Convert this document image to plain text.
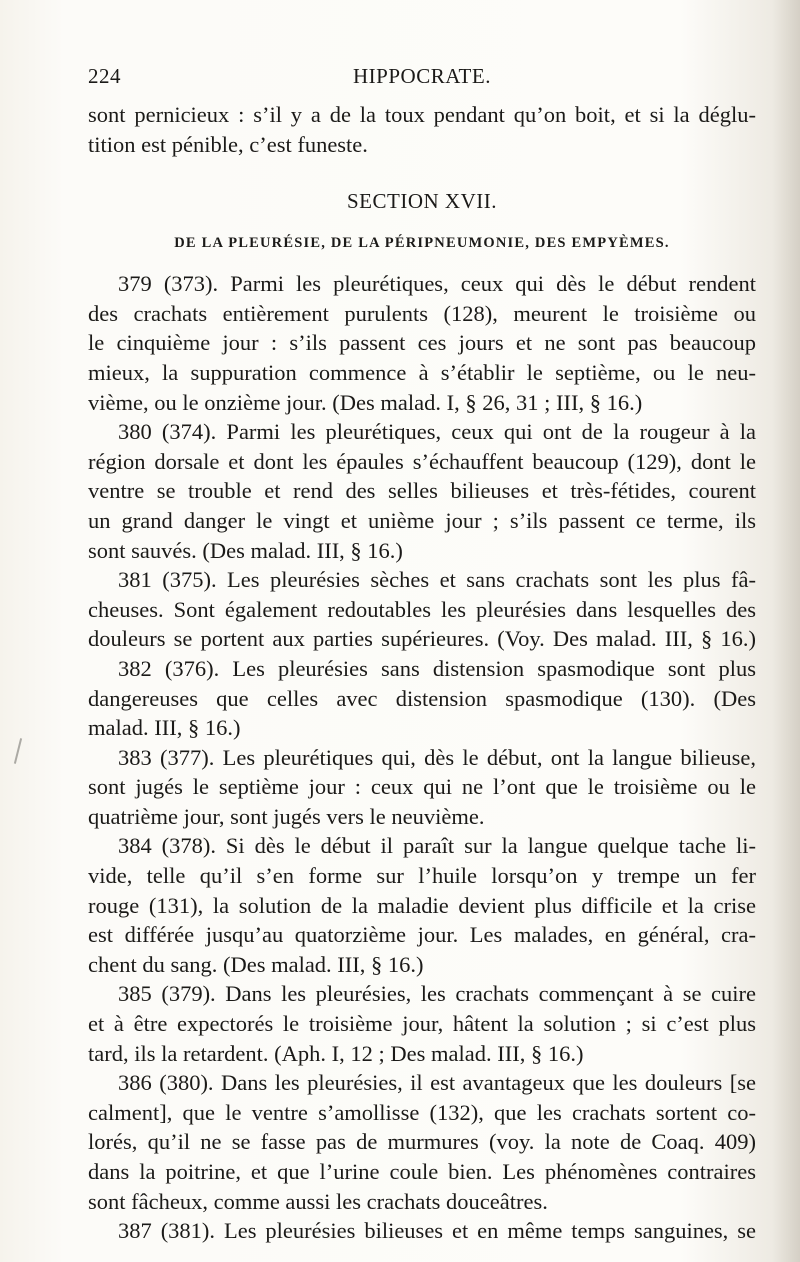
224	HIPPOCRATE.
sont pernicieux : s’il y a de la toux pendant qu’on boit, et si la déglu-
tition est pénible, c’est funeste.
SECTION XVII.
DE LA PLEURÉSIE, DE LA PÉRIPNEUMONIE, DES EMPYÈMES.
379 (373). Parmi les pleurétiques, ceux qui dès le début rendent
des crachats entièrement purulents (128), meurent le troisième ou
le cinquième jour : s’ils passent ces jours et ne sont pas beaucoup
mieux, la suppuration commence à s’établir le septième, ou le neu-
vième, ou le onzième jour. (Des malad. I, § 26, 31 ; III, § 16.)
380 (374). Parmi les pleurétiques, ceux qui ont de la rougeur à la
région dorsale et dont les épaules s’échauffent beaucoup (129), dont le
ventre se trouble et rend des selles bilieuses et très-fétides, courent
un grand danger le vingt et unième jour ; s’ils passent ce terme, ils
sont sauvés. (Des malad. III, § 16.)
381 (375). Les pleurésies sèches et sans crachats sont les plus fâ-
cheuses. Sont également redoutables les pleurésies dans lesquelles des
douleurs se portent aux parties supérieures. (Voy. Des malad. III, § 16.)
382 (376). Les pleurésies sans distension spasmodique sont plus
dangereuses que celles avec distension spasmodique (130). (Des
malad. III, § 16.)
383 (377). Les pleurétiques qui, dès le début, ont la langue bilieuse,
sont jugés le septième jour : ceux qui ne l’ont que le troisième ou le
quatrième jour, sont jugés vers le neuvième.
384 (378). Si dès le début il paraît sur la langue quelque tache li-
vide, telle qu’il s’en forme sur l’huile lorsqu’on y trempe un fer
rouge (131), la solution de la maladie devient plus difficile et la crise
est différée jusqu’au quatorzième jour. Les malades, en général, cra-
chent du sang. (Des malad. III, § 16.)
385 (379). Dans les pleurésies, les crachats commençant à se cuire
et à être expectorés le troisième jour, hâtent la solution ; si c’est plus
tard, ils la retardent. (Aph. I, 12 ; Des malad. III, § 16.)
386 (380). Dans les pleurésies, il est avantageux que les douleurs [se
calment], que le ventre s’amollisse (132), que les crachats sortent co-
lorés, qu’il ne se fasse pas de murmures (voy. la note de Coaq. 409)
dans la poitrine, et que l’urine coule bien. Les phénomènes contraires
sont fâcheux, comme aussi les crachats douceâtres.
387 (381). Les pleurésies bilieuses et en même temps sanguines, se
